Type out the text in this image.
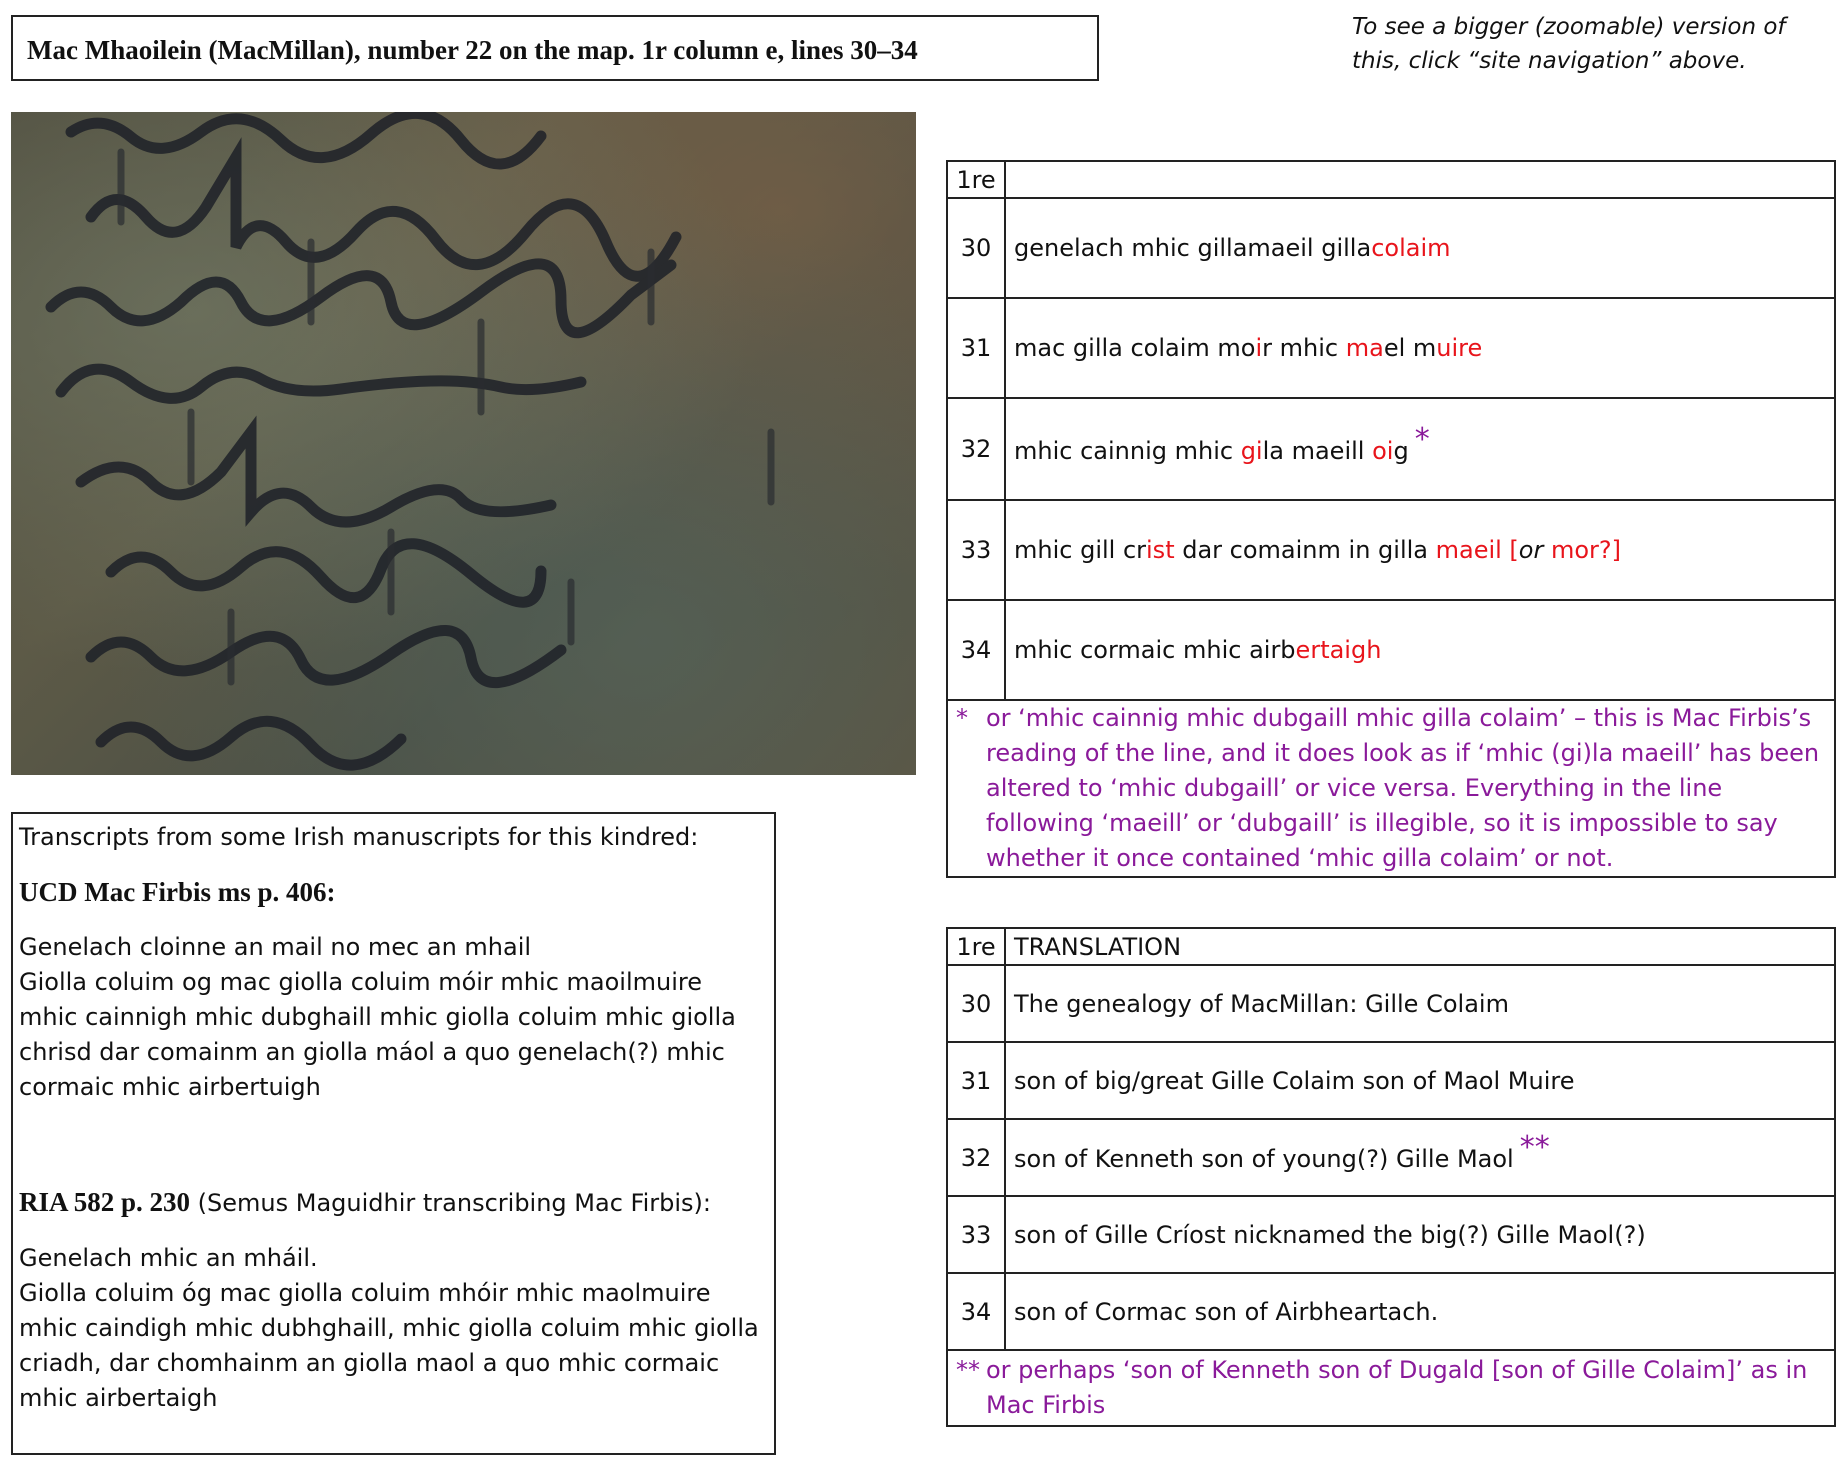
Mac Mhaoilein (MacMillan), number 22 on the map. 1r column e, lines 30–34
To see a bigger (zoomable) version of this, click “site navigation” above.
1re	
30	genelach mhic gillamaeil gillacolaim
31	mac gilla colaim moir mhic mael muire
32	mhic cainnig mhic gila maeill oig *
33	mhic gill crist dar comainm in gilla maeil [or mor?]
34	mhic cormaic mhic airbertaigh

* or ‘mhic cainnig mhic dubgaill mhic gilla colaim’ – this is Mac Firbis’s reading of the line, and it does look as if ‘mhic (gi)la maeill’ has been altered to ‘mhic dubgaill’ or vice versa. Everything in the line following ‘maeill’ or ‘dubgaill’ is illegible, so it is impossible to say whether it once contained ‘mhic gilla colaim’ or not.	
1re	TRANSLATION
30	The genealogy of MacMillan: Gille Colaim
31	son of big/great Gille Colaim son of Maol Muire
32	son of Kenneth son of young(?) Gille Maol **
33	son of Gille Críost nicknamed the big(?) Gille Maol(?)
34	son of Cormac son of Airbheartach.

** or perhaps ‘son of Kenneth son of Dugald [son of Gille Colaim]’ as in Mac Firbis	

Transcripts from some Irish manuscripts for this kindred:

UCD Mac Firbis ms p. 406:

Genelach cloinne an mail no mec an mhail

Giolla coluim og mac giolla coluim móir mhic maoilmuire mhic cainnigh mhic dubghaill mhic giolla coluim mhic giolla chrisd dar comainm an giolla máol a quo genelach(?) mhic cormaic mhic airbertuigh

RIA 582 p. 230 (Semus Maguidhir transcribing Mac Firbis):

Genelach mhic an mháil.

Giolla coluim óg mac giolla coluim mhóir mhic maolmuire mhic caindigh mhic dubhghaill, mhic giolla coluim mhic giolla criadh, dar chomhainm an giolla maol a quo mhic cormaic mhic airbertaigh
